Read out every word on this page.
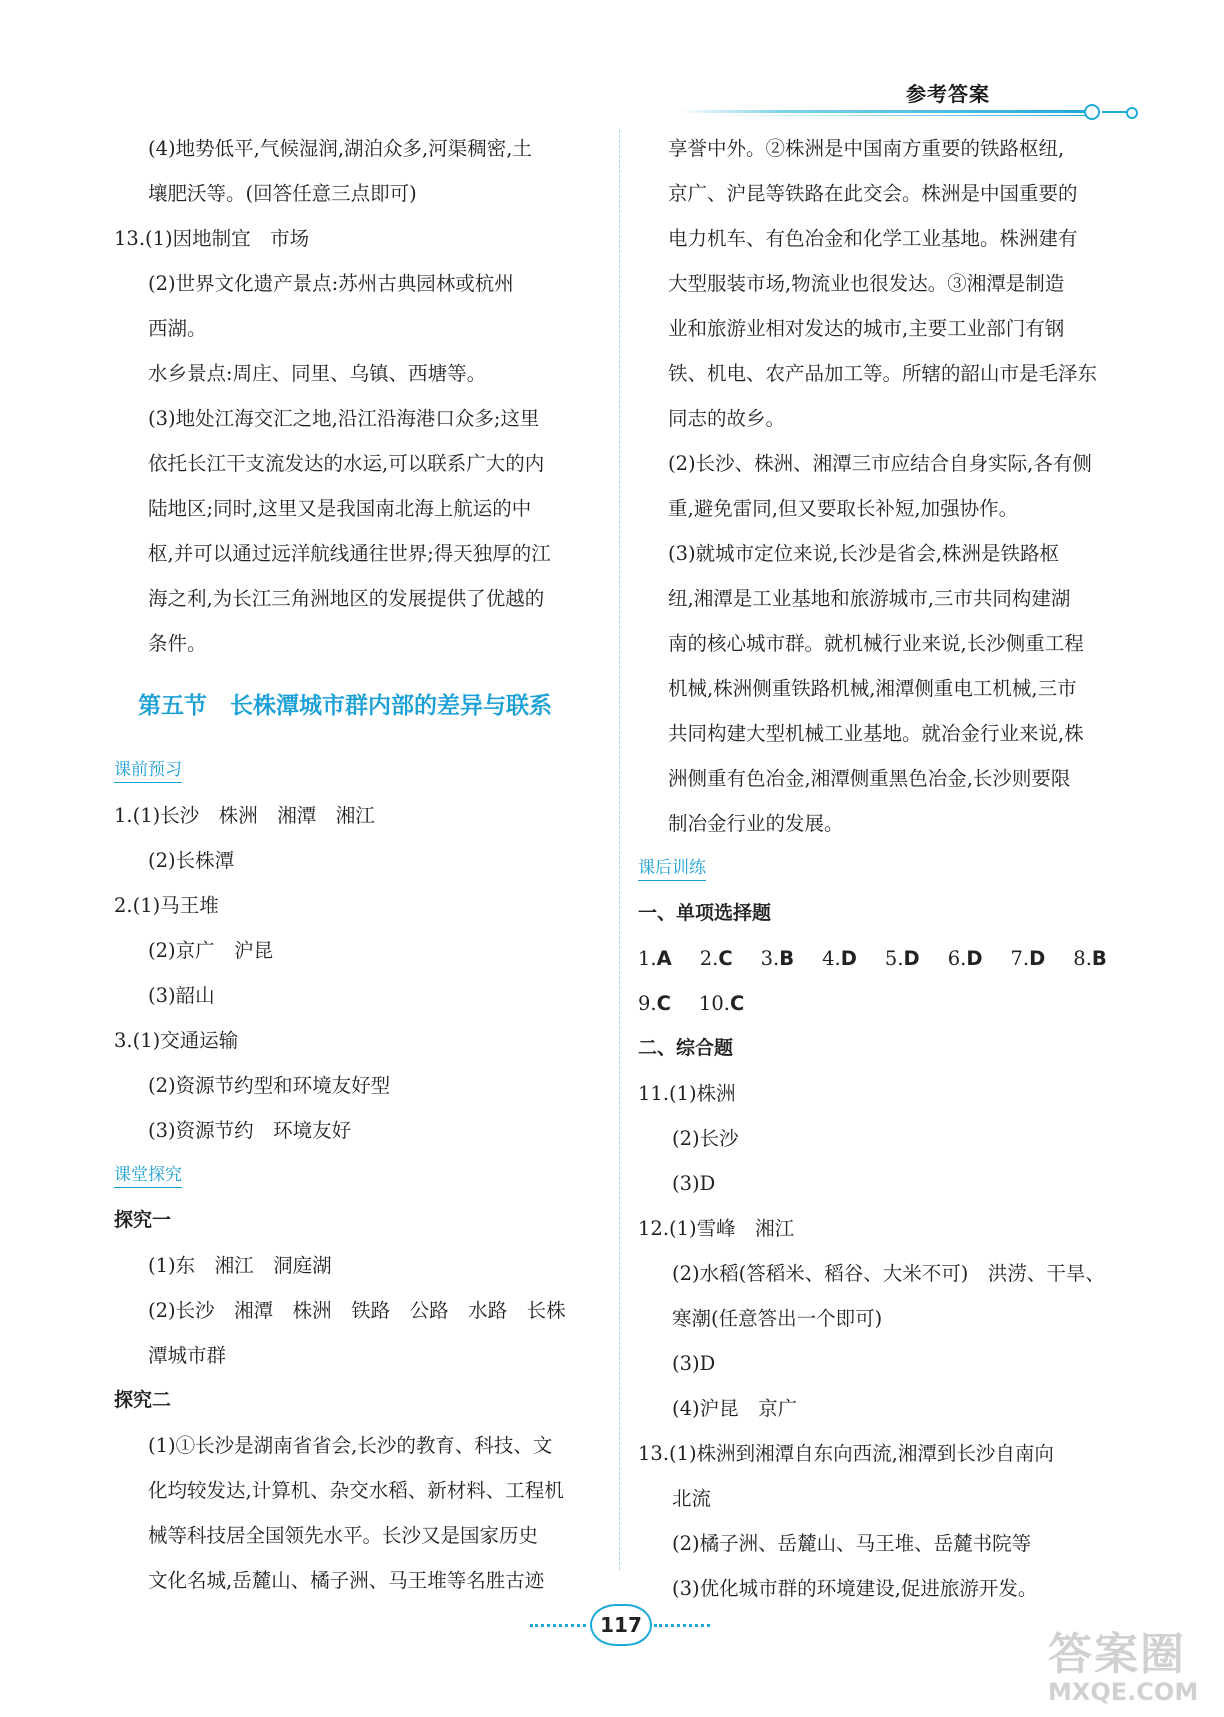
参考答案
(4)地势低平,气候湿润,湖泊众多,河渠稠密,土
壤肥沃等。(回答任意三点即可)
13.(1)因地制宜　市场
(2)世界文化遗产景点:苏州古典园林或杭州
西湖。
水乡景点:周庄、同里、乌镇、西塘等。
(3)地处江海交汇之地,沿江沿海港口众多;这里
依托长江干支流发达的水运,可以联系广大的内
陆地区;同时,这里又是我国南北海上航运的中
枢,并可以通过远洋航线通往世界;得天独厚的江
海之利,为长江三角洲地区的发展提供了优越的
条件。
第五节　长株潭城市群内部的差异与联系
课前预习
1.(1)长沙　株洲　湘潭　湘江
(2)长株潭
2.(1)马王堆
(2)京广　沪昆
(3)韶山
3.(1)交通运输
(2)资源节约型和环境友好型
(3)资源节约　环境友好
课堂探究
探究一
(1)东　湘江　洞庭湖
(2)长沙　湘潭　株洲　铁路　公路　水路　长株
潭城市群
探究二
(1)①长沙是湖南省省会,长沙的教育、科技、文
化均较发达,计算机、杂交水稻、新材料、工程机
械等科技居全国领先水平。长沙又是国家历史
文化名城,岳麓山、橘子洲、马王堆等名胜古迹
享誉中外。②株洲是中国南方重要的铁路枢纽,
京广、沪昆等铁路在此交会。株洲是中国重要的
电力机车、有色冶金和化学工业基地。株洲建有
大型服装市场,物流业也很发达。③湘潭是制造
业和旅游业相对发达的城市,主要工业部门有钢
铁、机电、农产品加工等。所辖的韶山市是毛泽东
同志的故乡。
(2)长沙、株洲、湘潭三市应结合自身实际,各有侧
重,避免雷同,但又要取长补短,加强协作。
(3)就城市定位来说,长沙是省会,株洲是铁路枢
纽,湘潭是工业基地和旅游城市,三市共同构建湖
南的核心城市群。就机械行业来说,长沙侧重工程
机械,株洲侧重铁路机械,湘潭侧重电工机械,三市
共同构建大型机械工业基地。就冶金行业来说,株
洲侧重有色冶金,湘潭侧重黑色冶金,长沙则要限
制冶金行业的发展。
课后训练
一、单项选择题
1.A 2.C 3.B 4.D 5.D 6.D 7.D 8.B
9.C 10.C
二、综合题
11.(1)株洲
(2)长沙
(3)D
12.(1)雪峰　湘江
(2)水稻(答稻米、稻谷、大米不可)　洪涝、干旱、
寒潮(任意答出一个即可)
(3)D
(4)沪昆　京广
13.(1)株洲到湘潭自东向西流,湘潭到长沙自南向
北流
(2)橘子洲、岳麓山、马王堆、岳麓书院等
(3)优化城市群的环境建设,促进旅游开发。
117
答案圈
MXQE.COM
